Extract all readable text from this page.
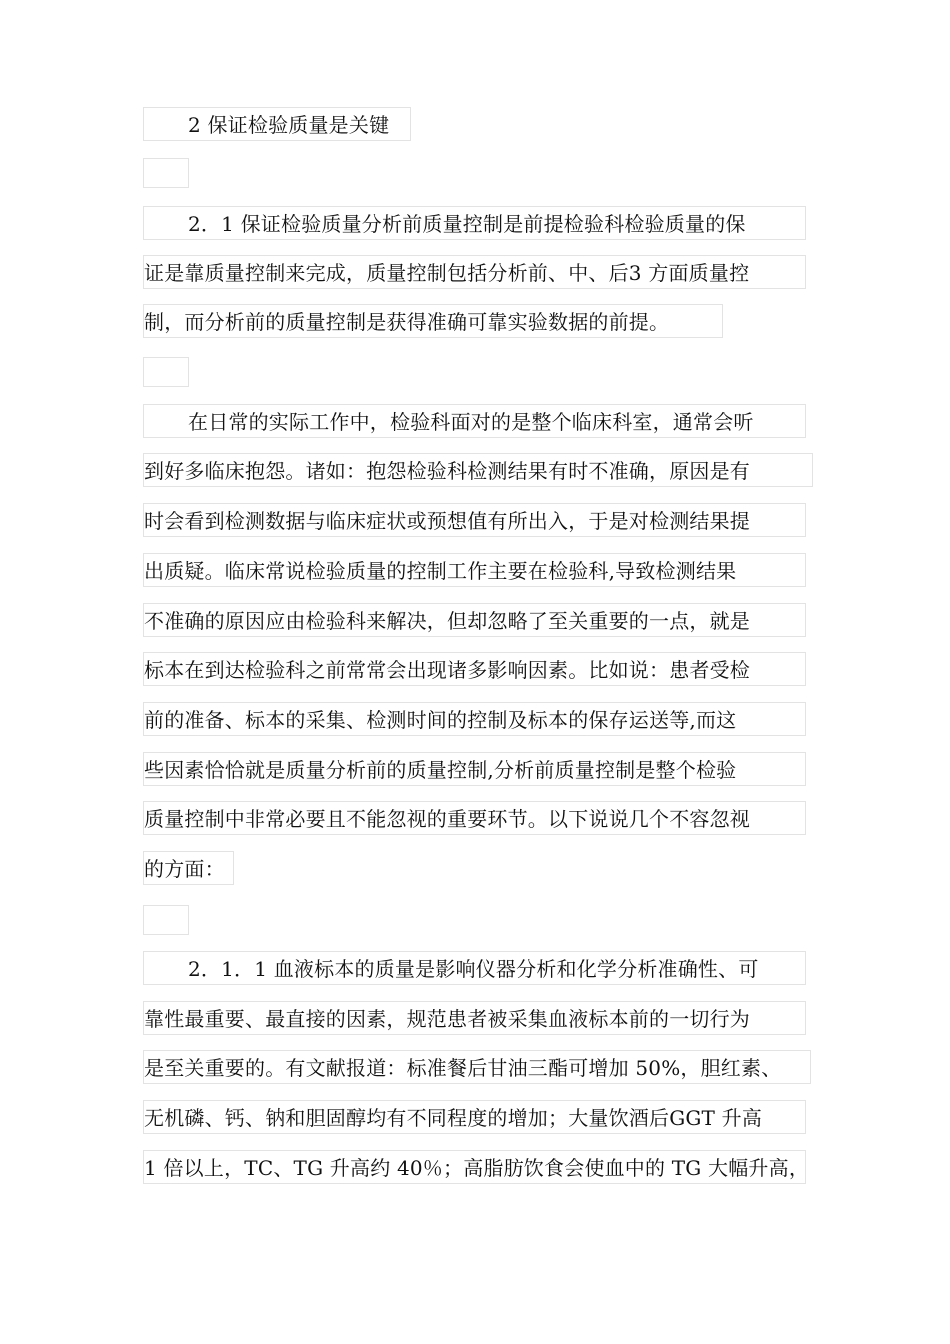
2 保证检验质量是关键
2．1 保证检验质量分析前质量控制是前提检验科检验质量的保
证是靠质量控制来完成，质量控制包括分析前、中、后3 方面质量控
制，而分析前的质量控制是获得准确可靠实验数据的前提。
在日常的实际工作中，检验科面对的是整个临床科室，通常会听
到好多临床抱怨。诸如：抱怨检验科检测结果有时不准确，原因是有
时会看到检测数据与临床症状或预想值有所出入，于是对检测结果提
出质疑。临床常说检验质量的控制工作主要在检验科,导致检测结果
不准确的原因应由检验科来解决，但却忽略了至关重要的一点，就是
标本在到达检验科之前常常会出现诸多影响因素。比如说：患者受检
前的准备、标本的采集、检测时间的控制及标本的保存运送等,而这
些因素恰恰就是质量分析前的质量控制,分析前质量控制是整个检验
质量控制中非常必要且不能忽视的重要环节。以下说说几个不容忽视
的方面：
2．1．1 血液标本的质量是影响仪器分析和化学分析准确性、可
靠性最重要、最直接的因素，规范患者被采集血液标本前的一切行为
是至关重要的。有文献报道：标准餐后甘油三酯可增加 50%，胆红素、
无机磷、钙、钠和胆固醇均有不同程度的增加；大量饮酒后GGT 升高
1 倍以上，TC、TG 升高约 40％；高脂肪饮食会使血中的 TG 大幅升高，
